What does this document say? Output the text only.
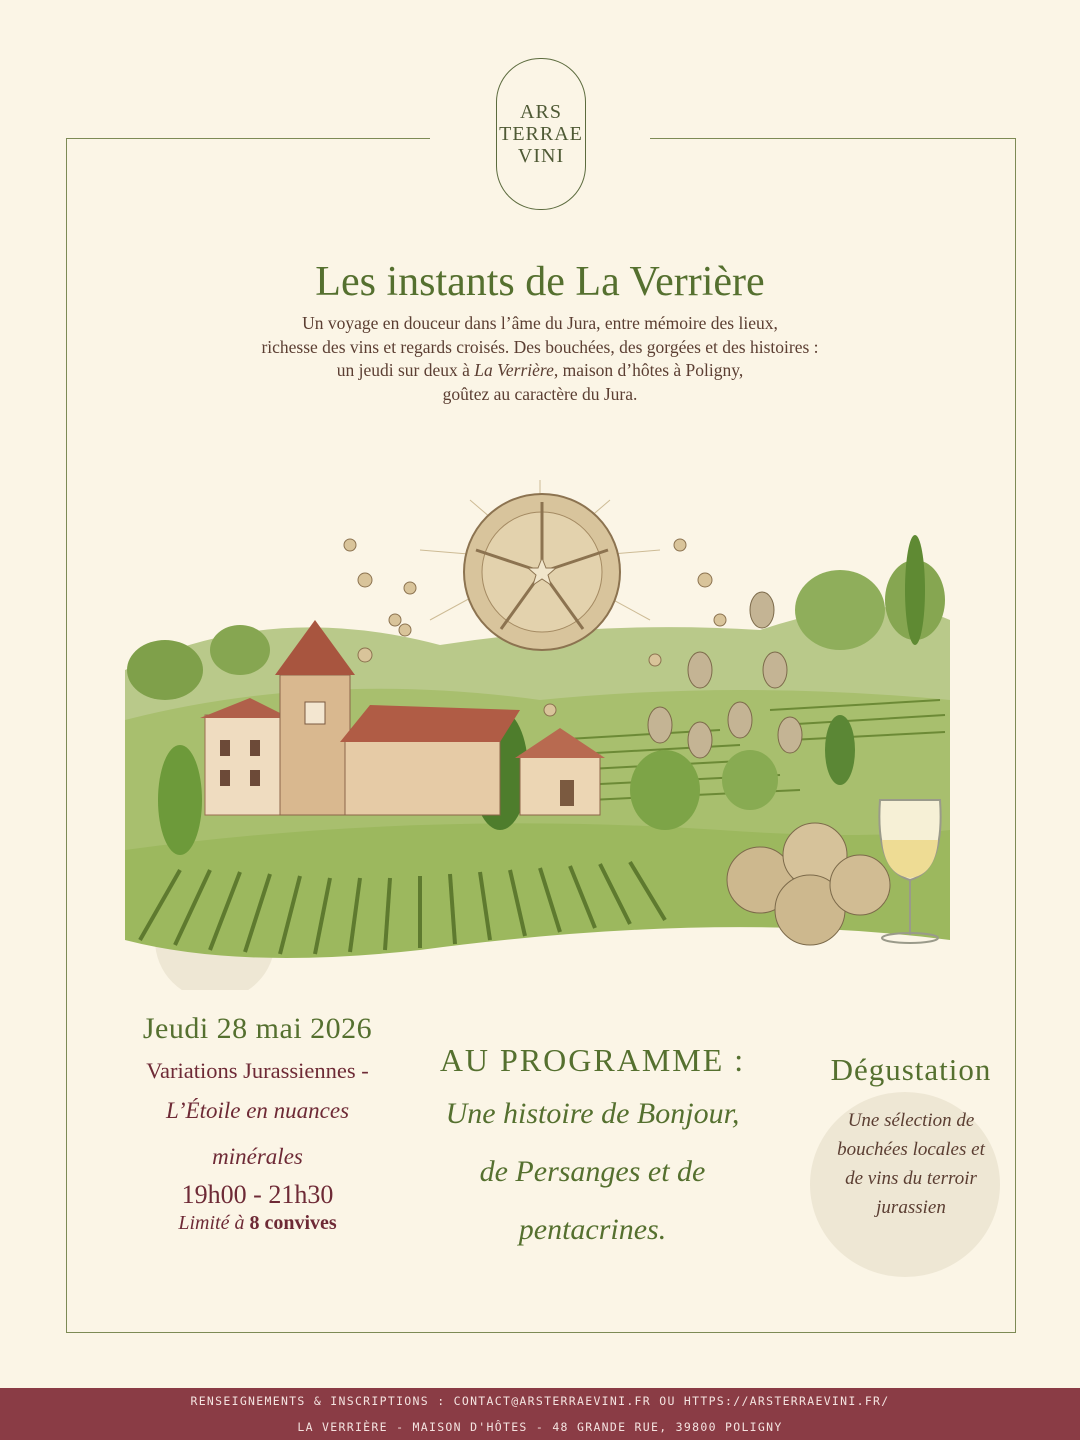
ARS
TERRAE
VINI
Les instants de La Verrière
Un voyage en douceur dans l’âme du Jura, entre mémoire des lieux,
richesse des vins et regards croisés. Des bouchées, des gorgées et des histoires :
un jeudi sur deux à La Verrière, maison d’hôtes à Poligny,
goûtez au caractère du Jura.
Jeudi 28 mai 2026
Variations Jurassiennes -
L’Étoile en nuances
minérales
19h00 - 21h30
Limité à 8 convives
AU PROGRAMME :
Une histoire de Bonjour,
de Persanges et de
pentacrines.
Dégustation
Une sélection de
bouchées locales et
de vins du terroir
jurassien
RENSEIGNEMENTS & INSCRIPTIONS : CONTACT@ARSTERRAEVINI.FR OU HTTPS://ARSTERRAEVINI.FR/
LA VERRIÈRE - MAISON D'HÔTES - 48 GRANDE RUE, 39800 POLIGNY
